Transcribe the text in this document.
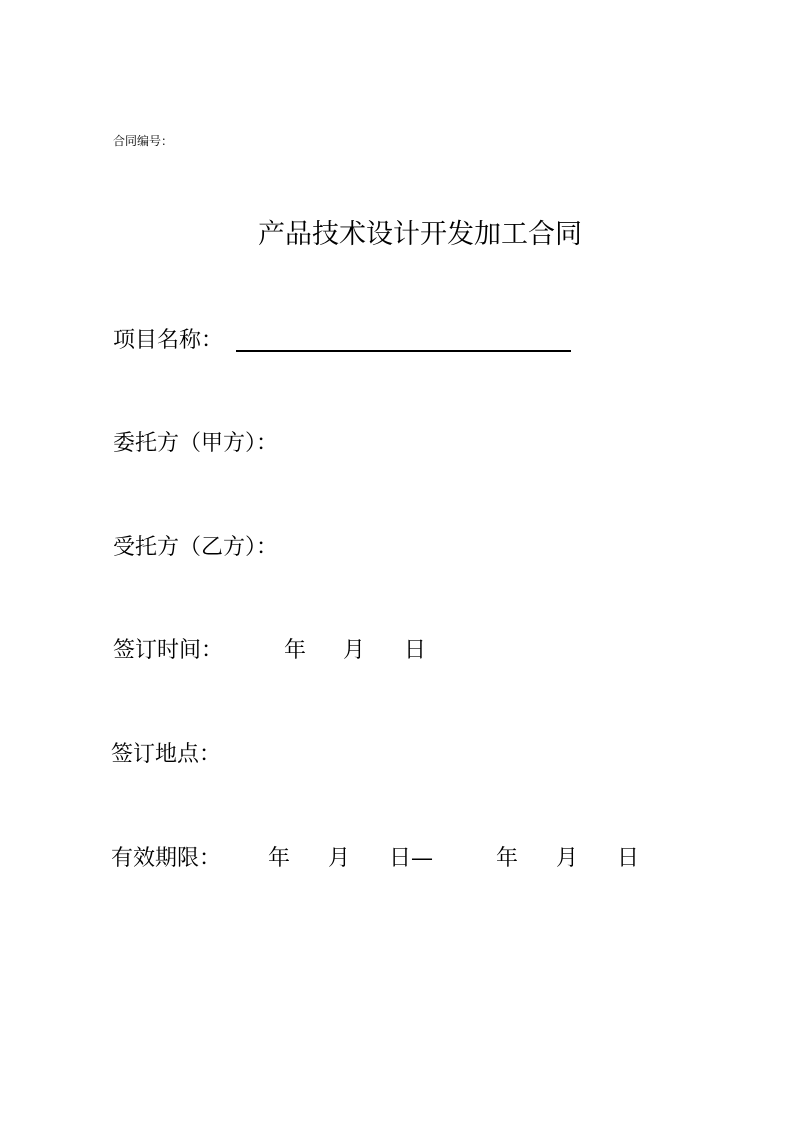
合同编号：
产品技术设计开发加工合同
项目名称：
委托方（甲方）：
受托方（乙方）：
签订时间：	年 月 日
签订地点：
有效期限： 年 月 日—	年 月 日
